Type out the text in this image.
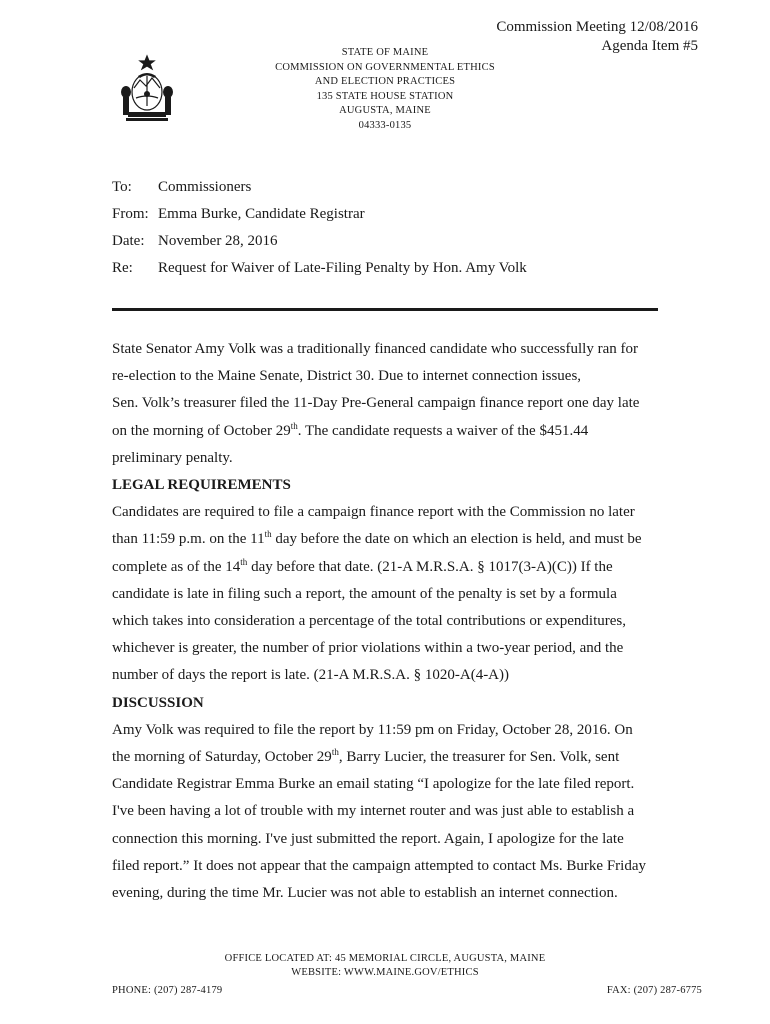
Commission Meeting 12/08/2016
Agenda Item #5
STATE OF MAINE
COMMISSION ON GOVERNMENTAL ETHICS
AND ELECTION PRACTICES
135 STATE HOUSE STATION
AUGUSTA, MAINE
04333-0135
To:	Commissioners
From: Emma Burke, Candidate Registrar
Date: November 28, 2016
Re:	Request for Waiver of Late-Filing Penalty by Hon. Amy Volk

State Senator Amy Volk was a traditionally financed candidate who successfully ran for

re-election to the Maine Senate, District 30. Due to internet connection issues,

Sen. Volk’s treasurer filed the 11-Day Pre-General campaign finance report one day late

on the morning of October 29th. The candidate requests a waiver of the $451.44

preliminary penalty.

LEGAL REQUIREMENTS

Candidates are required to file a campaign finance report with the Commission no later

than 11:59 p.m. on the 11th day before the date on which an election is held, and must be

complete as of the 14th day before that date. (21-A M.R.S.A. § 1017(3-A)(C)) If the

candidate is late in filing such a report, the amount of the penalty is set by a formula

which takes into consideration a percentage of the total contributions or expenditures,

whichever is greater, the number of prior violations within a two-year period, and the

number of days the report is late. (21-A M.R.S.A. § 1020-A(4-A))

DISCUSSION

Amy Volk was required to file the report by 11:59 pm on Friday, October 28, 2016. On

the morning of Saturday, October 29th, Barry Lucier, the treasurer for Sen. Volk, sent

Candidate Registrar Emma Burke an email stating “I apologize for the late filed report.

I've been having a lot of trouble with my internet router and was just able to establish a

connection this morning. I've just submitted the report. Again, I apologize for the late

filed report.” It does not appear that the campaign attempted to contact Ms. Burke Friday

evening, during the time Mr. Lucier was not able to establish an internet connection.

OFFICE LOCATED AT: 45 MEMORIAL CIRCLE, AUGUSTA, MAINE
WEBSITE: WWW.MAINE.GOV/ETHICS
PHONE: (207) 287-4179	FAX: (207) 287-6775
